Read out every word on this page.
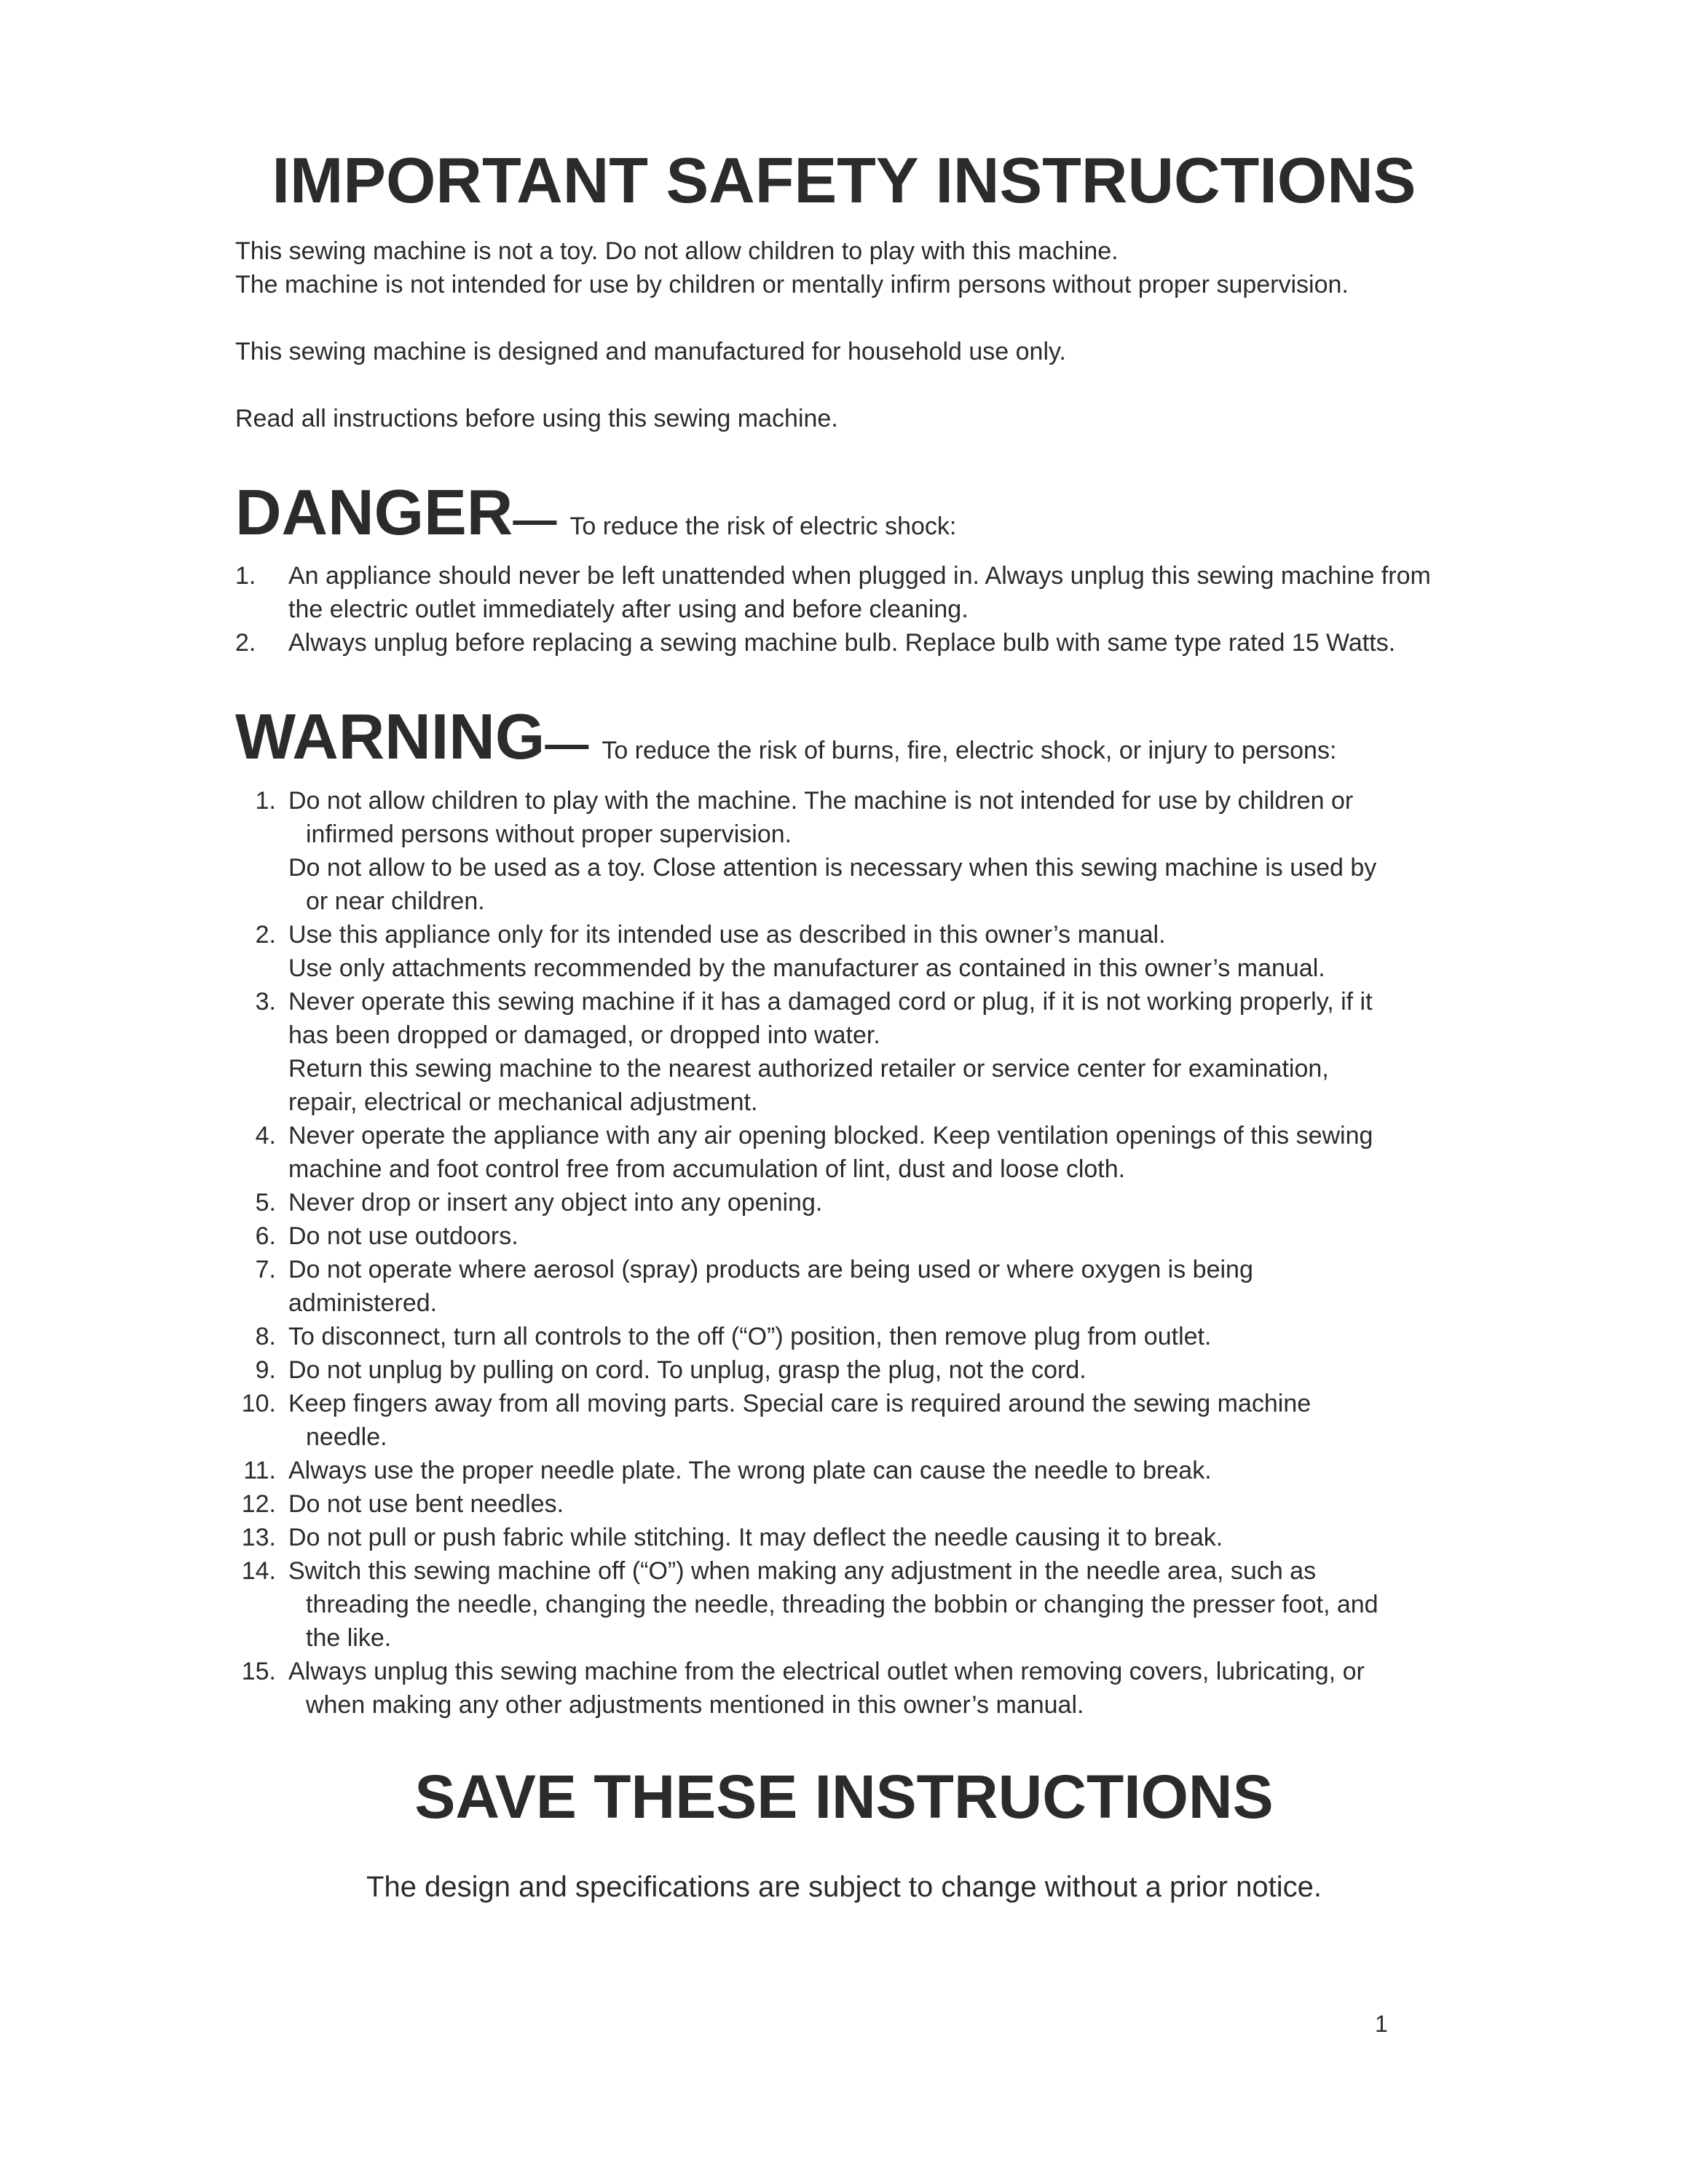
IMPORTANT SAFETY INSTRUCTIONS

This sewing machine is not a toy. Do not allow children to play with this machine.

The machine is not intended for use by children or mentally infirm persons without proper supervision.

This sewing machine is designed and manufactured for household use only.

Read all instructions before using this sewing machine.

DANGER— To reduce the risk of electric shock:
1.	An appliance should never be left unattended when plugged in. Always unplug this sewing machine from
the electric outlet immediately after using and before cleaning.
2.	Always unplug before replacing a sewing machine bulb. Replace bulb with same type rated 15 Watts.
WARNING— To reduce the risk of burns, fire, electric shock, or injury to persons:
1. Do not allow children to play with the machine. The machine is not intended for use by children or
infirmed persons without proper supervision.
Do not allow to be used as a toy. Close attention is necessary when this sewing machine is used by
or near children.
2. Use this appliance only for its intended use as described in this owner’s manual.
Use only attachments recommended by the manufacturer as contained in this owner’s manual.
3. Never operate this sewing machine if it has a damaged cord or plug, if it is not working properly, if it
has been dropped or damaged, or dropped into water.
Return this sewing machine to the nearest authorized retailer or service center for examination,
repair, electrical or mechanical adjustment.
4. Never operate the appliance with any air opening blocked. Keep ventilation openings of this sewing
machine and foot control free from accumulation of lint, dust and loose cloth.
5. Never drop or insert any object into any opening.
6. Do not use outdoors.
7. Do not operate where aerosol (spray) products are being used or where oxygen is being
administered.
8. To disconnect, turn all controls to the off (“O”) position, then remove plug from outlet.
9. Do not unplug by pulling on cord. To unplug, grasp the plug, not the cord.
10. Keep fingers away from all moving parts. Special care is required around the sewing machine
needle.
11. Always use the proper needle plate. The wrong plate can cause the needle to break.
12. Do not use bent needles.
13. Do not pull or push fabric while stitching. It may deflect the needle causing it to break.
14. Switch this sewing machine off (“O”) when making any adjustment in the needle area, such as
threading the needle, changing the needle, threading the bobbin or changing the presser foot, and
the like.
15. Always unplug this sewing machine from the electrical outlet when removing covers, lubricating, or
when making any other adjustments mentioned in this owner’s manual.
SAVE THESE INSTRUCTIONS

The design and specifications are subject to change without a prior notice.

1
